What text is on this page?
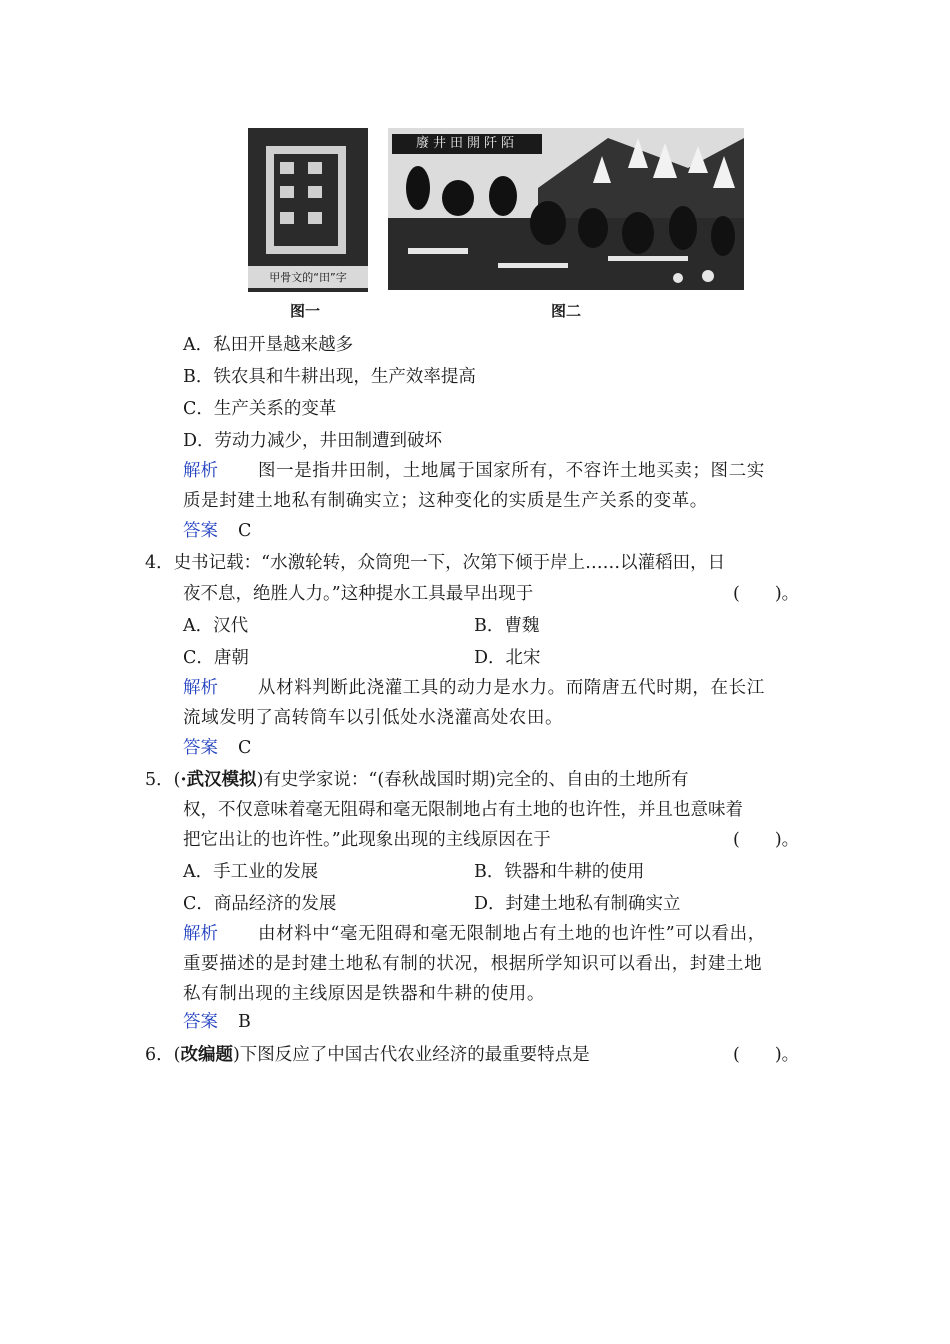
甲骨文的“田”字
图一
廢井田開阡陌
图二
A．私田开垦越来越多
B．铁农具和牛耕出现，生产效率提高
C．生产关系的变革
D．劳动力减少，井田制遭到破坏
解析 图一是指井田制，土地属于国家所有，不容许土地买卖；图二实
质是封建土地私有制确实立；这种变化的实质是生产关系的变革。
答案 C
4．史书记载：“水激轮转，众筒兜一下，次第下倾于岸上……以灌稻田，日
夜不息，绝胜人力。”这种提水工具最早出现于	(　　)。
A．汉代	B．曹魏
C．唐朝	D．北宋
解析 从材料判断此浇灌工具的动力是水力。而隋唐五代时期，在长江
流域发明了高转筒车以引低处水浇灌高处农田。
答案 C
5．(·武汉模拟)有史学家说：“(春秋战国时期)完全的、自由的土地所有
权，不仅意味着毫无阻碍和毫无限制地占有土地的也许性，并且也意味着
把它出让的也许性。”此现象出现的主线原因在于	(　　)。
A．手工业的发展	B．铁器和牛耕的使用
C．商品经济的发展	D．封建土地私有制确实立
解析 由材料中“毫无阻碍和毫无限制地占有土地的也许性”可以看出，
重要描述的是封建土地私有制的状况，根据所学知识可以看出，封建土地
私有制出现的主线原因是铁器和牛耕的使用。
答案 B
6．(改编题)下图反应了中国古代农业经济的最重要特点是	(　　)。
